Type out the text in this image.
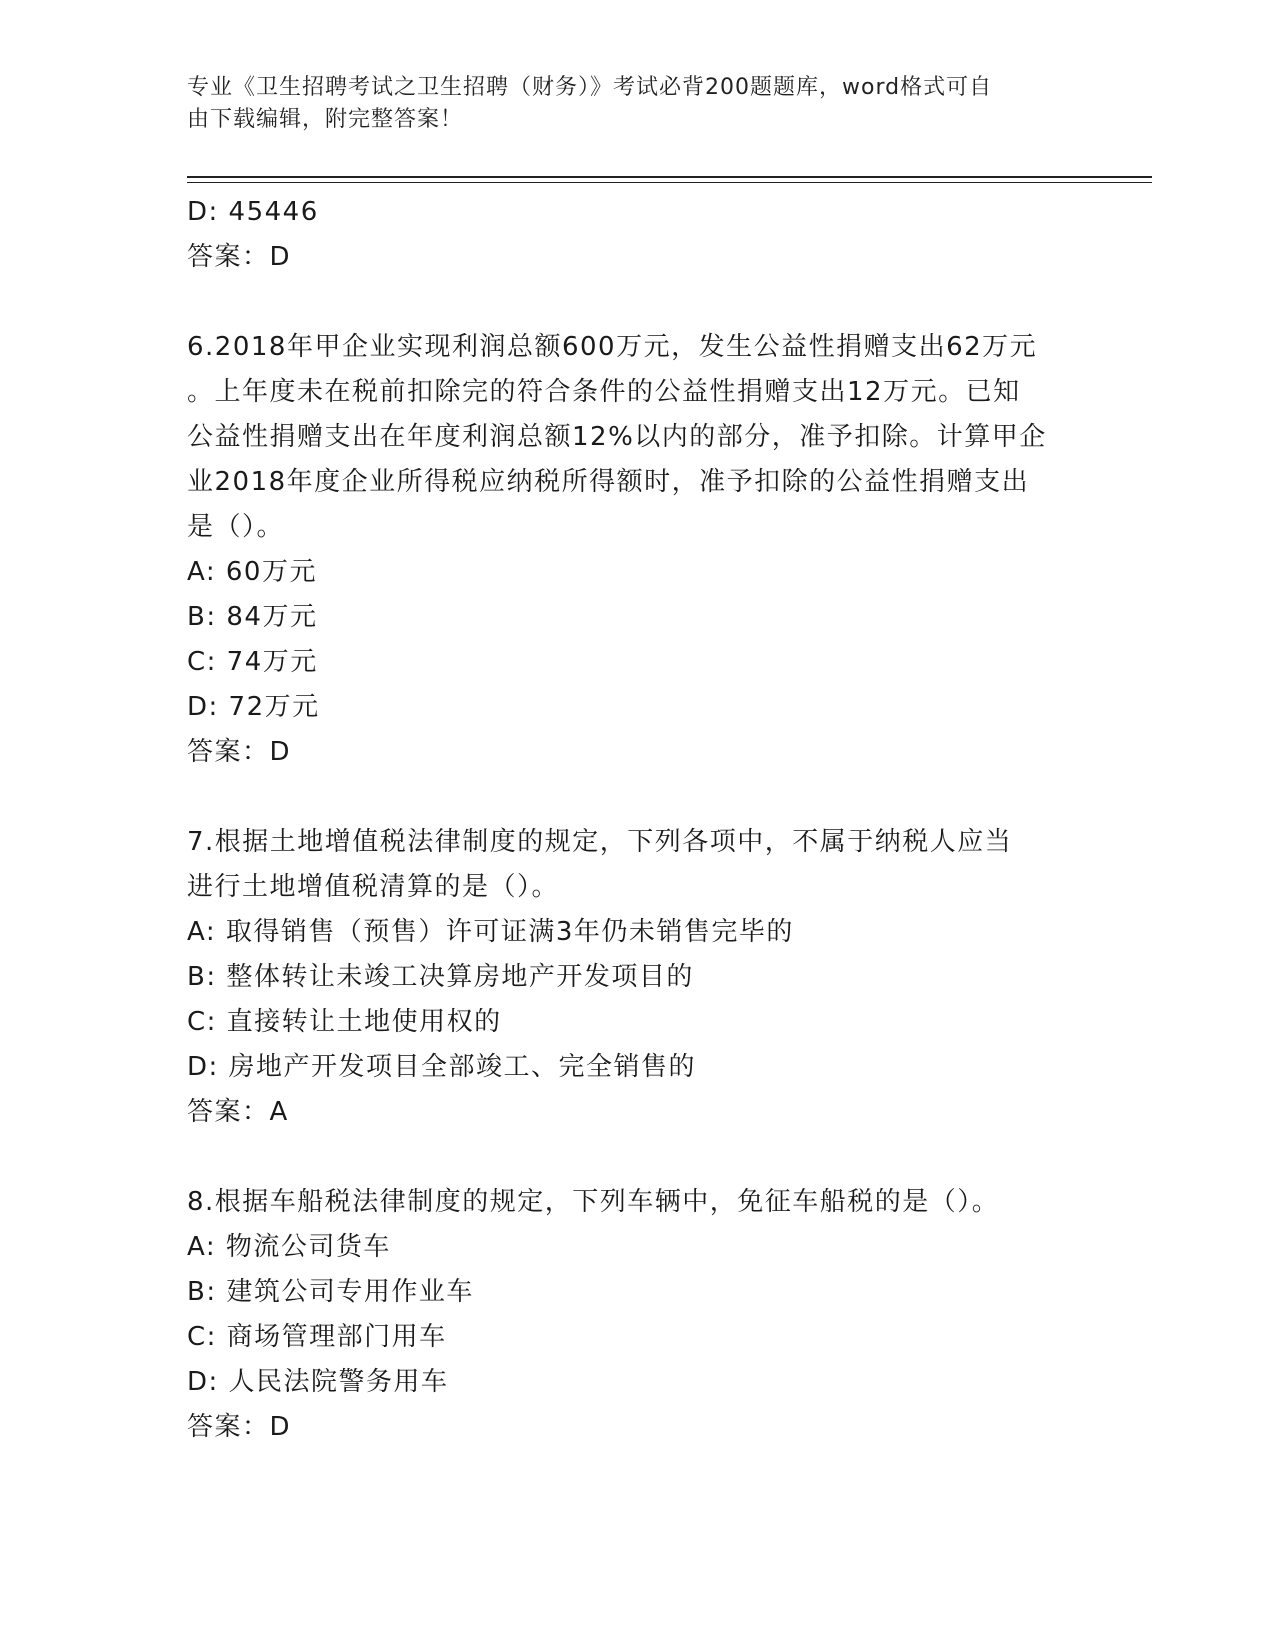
专业《卫生招聘考试之卫生招聘（财务）》考试必背200题题库，word格式可自
由下载编辑，附完整答案！
D: 45446
答案：D
6.2018年甲企业实现利润总额600万元，发生公益性捐赠支出62万元
。上年度未在税前扣除完的符合条件的公益性捐赠支出12万元。已知
公益性捐赠支出在年度利润总额12%以内的部分，准予扣除。计算甲企
业2018年度企业所得税应纳税所得额时，准予扣除的公益性捐赠支出
是（）。
A: 60万元
B: 84万元
C: 74万元
D: 72万元
答案：D
7.根据土地增值税法律制度的规定，下列各项中，不属于纳税人应当
进行土地增值税清算的是（）。
A: 取得销售（预售）许可证满3年仍未销售完毕的
B: 整体转让未竣工决算房地产开发项目的
C: 直接转让土地使用权的
D: 房地产开发项目全部竣工、完全销售的
答案：A
8.根据车船税法律制度的规定，下列车辆中，免征车船税的是（）。
A: 物流公司货车
B: 建筑公司专用作业车
C: 商场管理部门用车
D: 人民法院警务用车
答案：D
